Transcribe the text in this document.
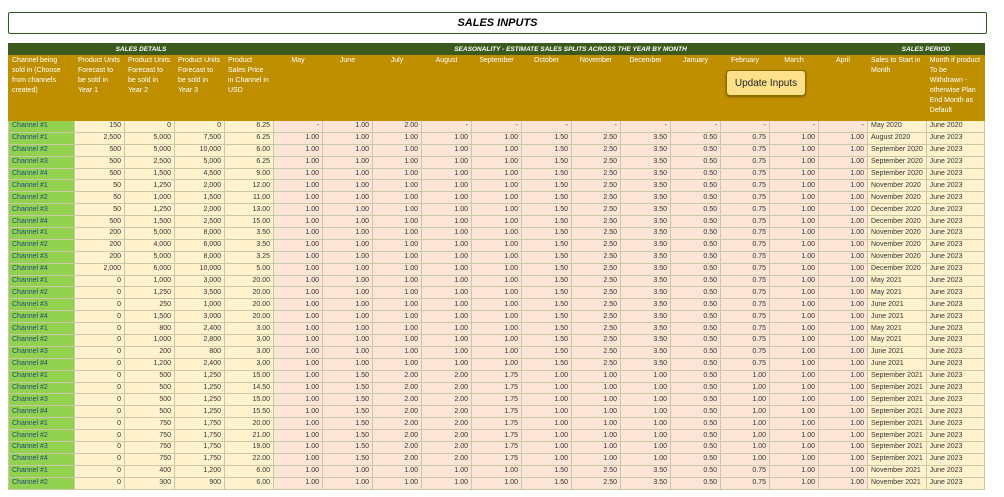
SALES INPUTS
SALES DETAILS					SEASONALITY - ESTIMATE SALES SPLITS ACROSS THE YEAR BY MONTH												SALES PERIOD	
Channel being sold in (Choose from channels created)	Product Units Forecast to be sold in Year 1	Product Units Forecast to be sold in Year 2	Product Units Forecast to be sold in Year 3	Product Sales Price in Channel in USD	May	June	July	August	September	October	November	December	January	February	March	April	Sales to Start in Month	Month if product To be Withdrawn - otherwise Plan End Month as Default
Channel #1	150	0	0	6.25	-	1.00	2.00	-	-	-	-	-	-	-	-	-	May 2020	June 2020
Channel #1	2,500	5,000	7,500	6.25	1.00	1.00	1.00	1.00	1.00	1.50	2.50	3.50	0.50	0.75	1.00	1.00	August 2020	June 2023
Channel #2	500	5,000	10,000	6.00	1.00	1.00	1.00	1.00	1.00	1.50	2.50	3.50	0.50	0.75	1.00	1.00	September 2020	June 2023
Channel #3	500	2,500	5,000	6.25	1.00	1.00	1.00	1.00	1.00	1.50	2.50	3.50	0.50	0.75	1.00	1.00	September 2020	June 2023
Channel #4	500	1,500	4,500	9.00	1.00	1.00	1.00	1.00	1.00	1.50	2.50	3.50	0.50	0.75	1.00	1.00	September 2020	June 2023
Channel #1	50	1,250	2,000	12.00	1.00	1.00	1.00	1.00	1.00	1.50	2.50	3.50	0.50	0.75	1.00	1.00	November 2020	June 2023
Channel #2	50	1,000	1,500	11.00	1.00	1.00	1.00	1.00	1.00	1.50	2.50	3.50	0.50	0.75	1.00	1.00	November 2020	June 2023
Channel #3	50	1,250	2,000	13.00	1.00	1.00	1.00	1.00	1.00	1.50	2.50	3.50	0.50	0.75	1.00	1.00	December 2020	June 2023
Channel #4	500	1,500	2,500	15.00	1.00	1.00	1.00	1.00	1.00	1.50	2.50	3.50	0.50	0.75	1.00	1.00	December 2020	June 2023
Channel #1	200	5,000	8,000	3.50	1.00	1.00	1.00	1.00	1.00	1.50	2.50	3.50	0.50	0.75	1.00	1.00	November 2020	June 2023
Channel #2	200	4,000	6,000	3.50	1.00	1.00	1.00	1.00	1.00	1.50	2.50	3.50	0.50	0.75	1.00	1.00	November 2020	June 2023
Channel #3	200	5,000	8,000	3.25	1.00	1.00	1.00	1.00	1.00	1.50	2.50	3.50	0.50	0.75	1.00	1.00	November 2020	June 2023
Channel #4	2,000	6,000	10,000	5.00	1.00	1.00	1.00	1.00	1.00	1.50	2.50	3.50	0.50	0.75	1.00	1.00	December 2020	June 2023
Channel #1	0	1,000	3,000	20.00	1.00	1.00	1.00	1.00	1.00	1.50	2.50	3.50	0.50	0.75	1.00	1.00	May 2021	June 2023
Channel #2	0	1,250	3,500	20.00	1.00	1.00	1.00	1.00	1.00	1.50	2.50	3.50	0.50	0.75	1.00	1.00	May 2021	June 2023
Channel #3	0	250	1,000	20.00	1.00	1.00	1.00	1.00	1.00	1.50	2.50	3.50	0.50	0.75	1.00	1.00	June 2021	June 2023
Channel #4	0	1,500	3,000	20.00	1.00	1.00	1.00	1.00	1.00	1.50	2.50	3.50	0.50	0.75	1.00	1.00	June 2021	June 2023
Channel #1	0	800	2,400	3.00	1.00	1.00	1.00	1.00	1.00	1.50	2.50	3.50	0.50	0.75	1.00	1.00	May 2021	June 2023
Channel #2	0	1,000	2,800	3.00	1.00	1.00	1.00	1.00	1.00	1.50	2.50	3.50	0.50	0.75	1.00	1.00	May 2021	June 2023
Channel #3	0	200	800	3.00	1.00	1.00	1.00	1.00	1.00	1.50	2.50	3.50	0.50	0.75	1.00	1.00	June 2021	June 2023
Channel #4	0	1,200	2,400	3.00	1.00	1.00	1.00	1.00	1.00	1.50	2.50	3.50	0.50	0.75	1.00	1.00	June 2021	June 2023
Channel #1	0	500	1,250	15.00	1.00	1.50	2.00	2.00	1.75	1.00	1.00	1.00	0.50	1.00	1.00	1.00	September 2021	June 2023
Channel #2	0	500	1,250	14.50	1.00	1.50	2.00	2.00	1.75	1.00	1.00	1.00	0.50	1.00	1.00	1.00	September 2021	June 2023
Channel #3	0	500	1,250	15.00	1.00	1.50	2.00	2.00	1.75	1.00	1.00	1.00	0.50	1.00	1.00	1.00	September 2021	June 2023
Channel #4	0	500	1,250	15.50	1.00	1.50	2.00	2.00	1.75	1.00	1.00	1.00	0.50	1.00	1.00	1.00	September 2021	June 2023
Channel #1	0	750	1,750	20.00	1.00	1.50	2.00	2.00	1.75	1.00	1.00	1.00	0.50	1.00	1.00	1.00	September 2021	June 2023
Channel #2	0	750	1,750	21.00	1.00	1.50	2.00	2.00	1.75	1.00	1.00	1.00	0.50	1.00	1.00	1.00	September 2021	June 2023
Channel #3	0	750	1,750	19.00	1.00	1.50	2.00	2.00	1.75	1.00	1.00	1.00	0.50	1.00	1.00	1.00	September 2021	June 2023
Channel #4	0	750	1,750	22.00	1.00	1.50	2.00	2.00	1.75	1.00	1.00	1.00	0.50	1.00	1.00	1.00	September 2021	June 2023
Channel #1	0	400	1,200	6.00	1.00	1.00	1.00	1.00	1.00	1.50	2.50	3.50	0.50	0.75	1.00	1.00	November 2021	June 2023
Channel #2	0	300	900	6.00	1.00	1.00	1.00	1.00	1.00	1.50	2.50	3.50	0.50	0.75	1.00	1.00	November 2021	June 2023
Update Inputs
